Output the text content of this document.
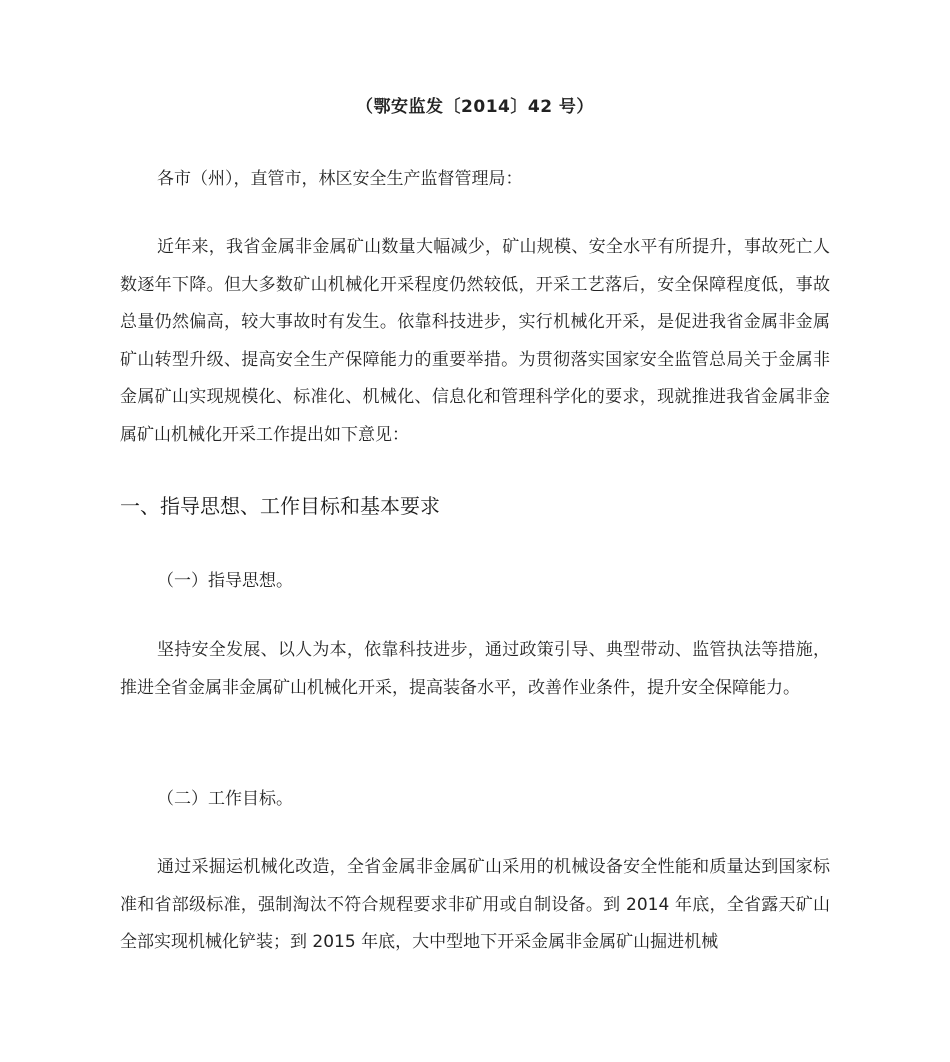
（鄂安监发〔2014〕42 号）
各市（州），直管市，林区安全生产监督管理局：

近年来，我省金属非金属矿山数量大幅减少，矿山规模、安全水平有所提升，事故死亡人数逐年下降。但大多数矿山机械化开采程度仍然较低，开采工艺落后，安全保障程度低，事故总量仍然偏高，较大事故时有发生。依靠科技进步，实行机械化开采，是促进我省金属非金属矿山转型升级、提高安全生产保障能力的重要举措。为贯彻落实国家安全监管总局关于金属非金属矿山实现规模化、标准化、机械化、信息化和管理科学化的要求，现就推进我省金属非金属矿山机械化开采工作提出如下意见：

一、指导思想、工作目标和基本要求
（一）指导思想。

坚持安全发展、以人为本，依靠科技进步，通过政策引导、典型带动、监管执法等措施，推进全省金属非金属矿山机械化开采，提高装备水平，改善作业条件，提升安全保障能力。

（二）工作目标。

通过采掘运机械化改造，全省金属非金属矿山采用的机械设备安全性能和质量达到国家标准和省部级标准，强制淘汰不符合规程要求非矿用或自制设备。到 2014 年底，全省露天矿山全部实现机械化铲装；到 2015 年底，大中型地下开采金属非金属矿山掘进机械
